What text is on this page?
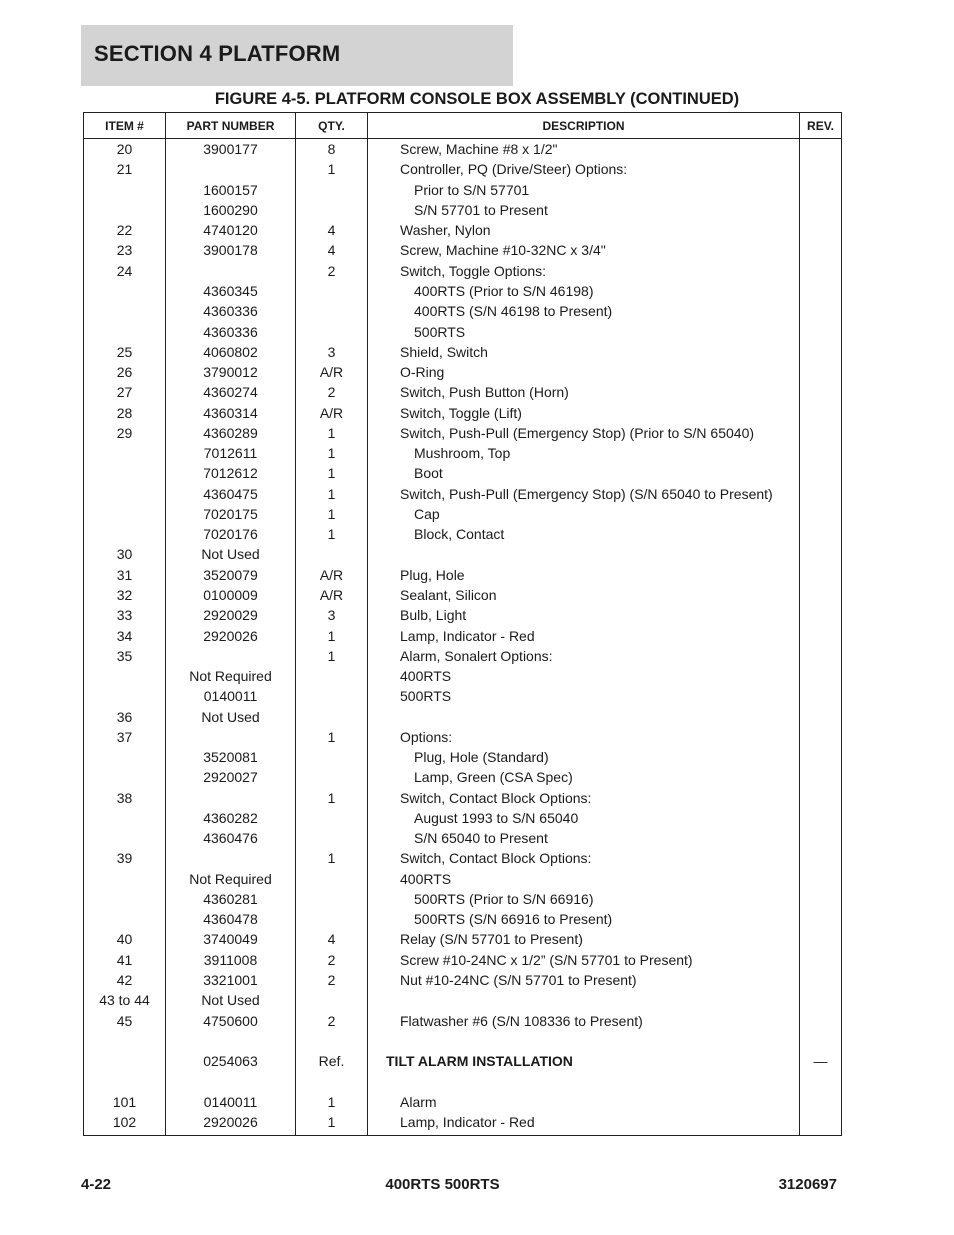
SECTION 4 PLATFORM
FIGURE 4-5. PLATFORM CONSOLE BOX ASSEMBLY (CONTINUED)
ITEM #	PART NUMBER	QTY.	DESCRIPTION	REV.
20	3900177	8	Screw, Machine #8 x 1/2"	
21		1	Controller, PQ (Drive/Steer) Options:	
	1600157		Prior to S/N 57701	
	1600290		S/N 57701 to Present	
22	4740120	4	Washer, Nylon	
23	3900178	4	Screw, Machine #10-32NC x 3/4"	
24		2	Switch, Toggle Options:	
	4360345		400RTS (Prior to S/N 46198)	
	4360336		400RTS (S/N 46198 to Present)	
	4360336		500RTS	
25	4060802	3	Shield, Switch	
26	3790012	A/R	O-Ring	
27	4360274	2	Switch, Push Button (Horn)	
28	4360314	A/R	Switch, Toggle (Lift)	
29	4360289	1	Switch, Push-Pull (Emergency Stop) (Prior to S/N 65040)	
	7012611	1	Mushroom, Top	
	7012612	1	Boot	
	4360475	1	Switch, Push-Pull (Emergency Stop) (S/N 65040 to Present)	
	7020175	1	Cap	
	7020176	1	Block, Contact	
30	Not Used			
31	3520079	A/R	Plug, Hole	
32	0100009	A/R	Sealant, Silicon	
33	2920029	3	Bulb, Light	
34	2920026	1	Lamp, Indicator - Red	
35		1	Alarm, Sonalert Options:	
	Not Required		400RTS	
	0140011		500RTS	
36	Not Used			
37		1	Options:	
	3520081		Plug, Hole (Standard)	
	2920027		Lamp, Green (CSA Spec)	
38		1	Switch, Contact Block Options:	
	4360282		August 1993 to S/N 65040	
	4360476		S/N 65040 to Present	
39		1	Switch, Contact Block Options:	
	Not Required		400RTS	
	4360281		500RTS (Prior to S/N 66916)	
	4360478		500RTS (S/N 66916 to Present)	
40	3740049	4	Relay (S/N 57701 to Present)	
41	3911008	2	Screw #10-24NC x 1/2” (S/N 57701 to Present)	
42	3321001	2	Nut #10-24NC (S/N 57701 to Present)	
43 to 44	Not Used			
45	4750600	2	Flatwasher #6 (S/N 108336 to Present)	

	0254063	Ref.	TILT ALARM INSTALLATION	—

101	0140011	1	Alarm	
102	2920026	1	Lamp, Indicator - Red	
4-22	400RTS 500RTS	3120697
